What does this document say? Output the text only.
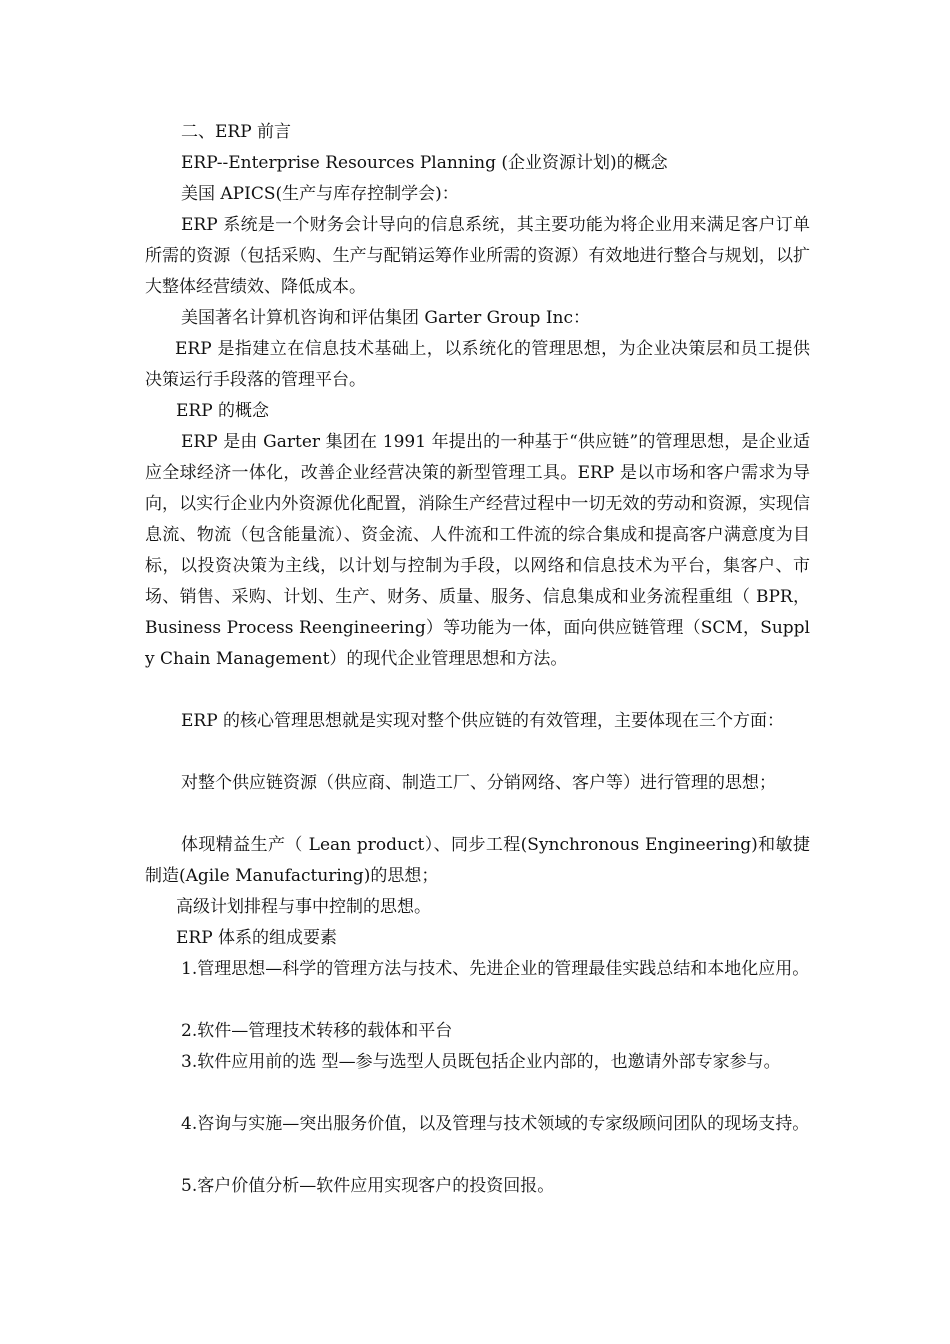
二、ERP 前言
ERP--Enterprise Resources Planning (企业资源计划)的概念
美国 APICS(生产与库存控制学会)：
ERP 系统是一个财务会计导向的信息系统，其主要功能为将企业用来满足客户订单所需的资源（包括采购、生产与配销运筹作业所需的资源）有效地进行整合与规划，以扩大整体经营绩效、降低成本。
美国著名计算机咨询和评估集团 Garter Group Inc：
ERP 是指建立在信息技术基础上，以系统化的管理思想，为企业决策层和员工提供决策运行手段落的管理平台。
ERP 的概念
ERP 是由 Garter 集团在 1991 年提出的一种基于“供应链”的管理思想，是企业适应全球经济一体化，改善企业经营决策的新型管理工具。ERP 是以市场和客户需求为导向，以实行企业内外资源优化配置，消除生产经营过程中一切无效的劳动和资源，实现信息流、物流（包含能量流）、资金流、人件流和工件流的综合集成和提高客户满意度为目标，以投资决策为主线，以计划与控制为手段，以网络和信息技术为平台，集客户、市场、销售、采购、计划、生产、财务、质量、服务、信息集成和业务流程重组（ BPR，Business Process Reengineering）等功能为一体，面向供应链管理（SCM，Supply Chain Management）的现代企业管理思想和方法。
ERP 的核心管理思想就是实现对整个供应链的有效管理，主要体现在三个方面：
对整个供应链资源（供应商、制造工厂、分销网络、客户等）进行管理的思想；
体现精益生产（ Lean product）、同步工程(Synchronous Engineering)和敏捷制造(Agile Manufacturing)的思想；
高级计划排程与事中控制的思想。
ERP 体系的组成要素
1.管理思想—科学的管理方法与技术、先进企业的管理最佳实践总结和本地化应用。
2.软件—管理技术转移的载体和平台
3.软件应用前的选 型—参与选型人员既包括企业内部的，也邀请外部专家参与。
4.咨询与实施—突出服务价值，以及管理与技术领域的专家级顾问团队的现场支持。
5.客户价值分析—软件应用实现客户的投资回报。
